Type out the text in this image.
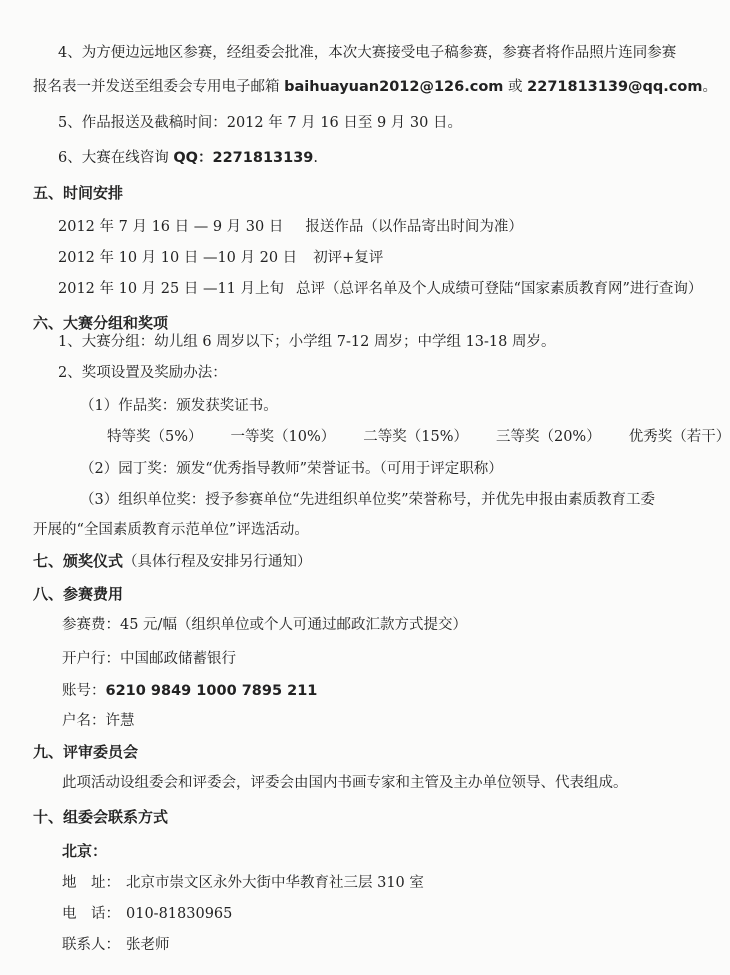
4、为方便边远地区参赛，经组委会批准，本次大赛接受电子稿参赛，参赛者将作品照片连同参赛
报名表一并发送至组委会专用电子邮箱 baihuayuan2012@126.com 或 2271813139@qq.com。
5、作品报送及截稿时间：2012 年 7 月 16 日至 9 月 30 日。
6、大赛在线咨询 QQ：2271813139.
五、时间安排
2012 年 7 月 16 日 — 9 月 30 日 报送作品（以作品寄出时间为准）
2012 年 10 月 10 日 —10 月 20 日 初评+复评
2012 年 10 月 25 日 —11 月上旬 总评（总评名单及个人成绩可登陆“国家素质教育网”进行查询）
六、大赛分组和奖项
1、大赛分组：幼儿组 6 周岁以下；小学组 7-12 周岁；中学组 13-18 周岁。
2、奖项设置及奖励办法：
（1）作品奖：颁发获奖证书。
特等奖（5%） 一等奖（10%） 二等奖（15%） 三等奖（20%） 优秀奖（若干）
（2）园丁奖：颁发“优秀指导教师”荣誉证书。（可用于评定职称）
（3）组织单位奖：授予参赛单位“先进组织单位奖”荣誉称号，并优先申报由素质教育工委
开展的“全国素质教育示范单位”评选活动。
七、颁奖仪式（具体行程及安排另行通知）
八、参赛费用
参赛费：45 元/幅（组织单位或个人可通过邮政汇款方式提交）
开户行：中国邮政储蓄银行
账号：6210 9849 1000 7895 211
户名：许慧
九、评审委员会
此项活动设组委会和评委会，评委会由国内书画专家和主管及主办单位领导、代表组成。
十、组委会联系方式
北京：
地　址： 北京市崇文区永外大街中华教育社三层 310 室
电　话： 010-81830965
联系人： 张老师
